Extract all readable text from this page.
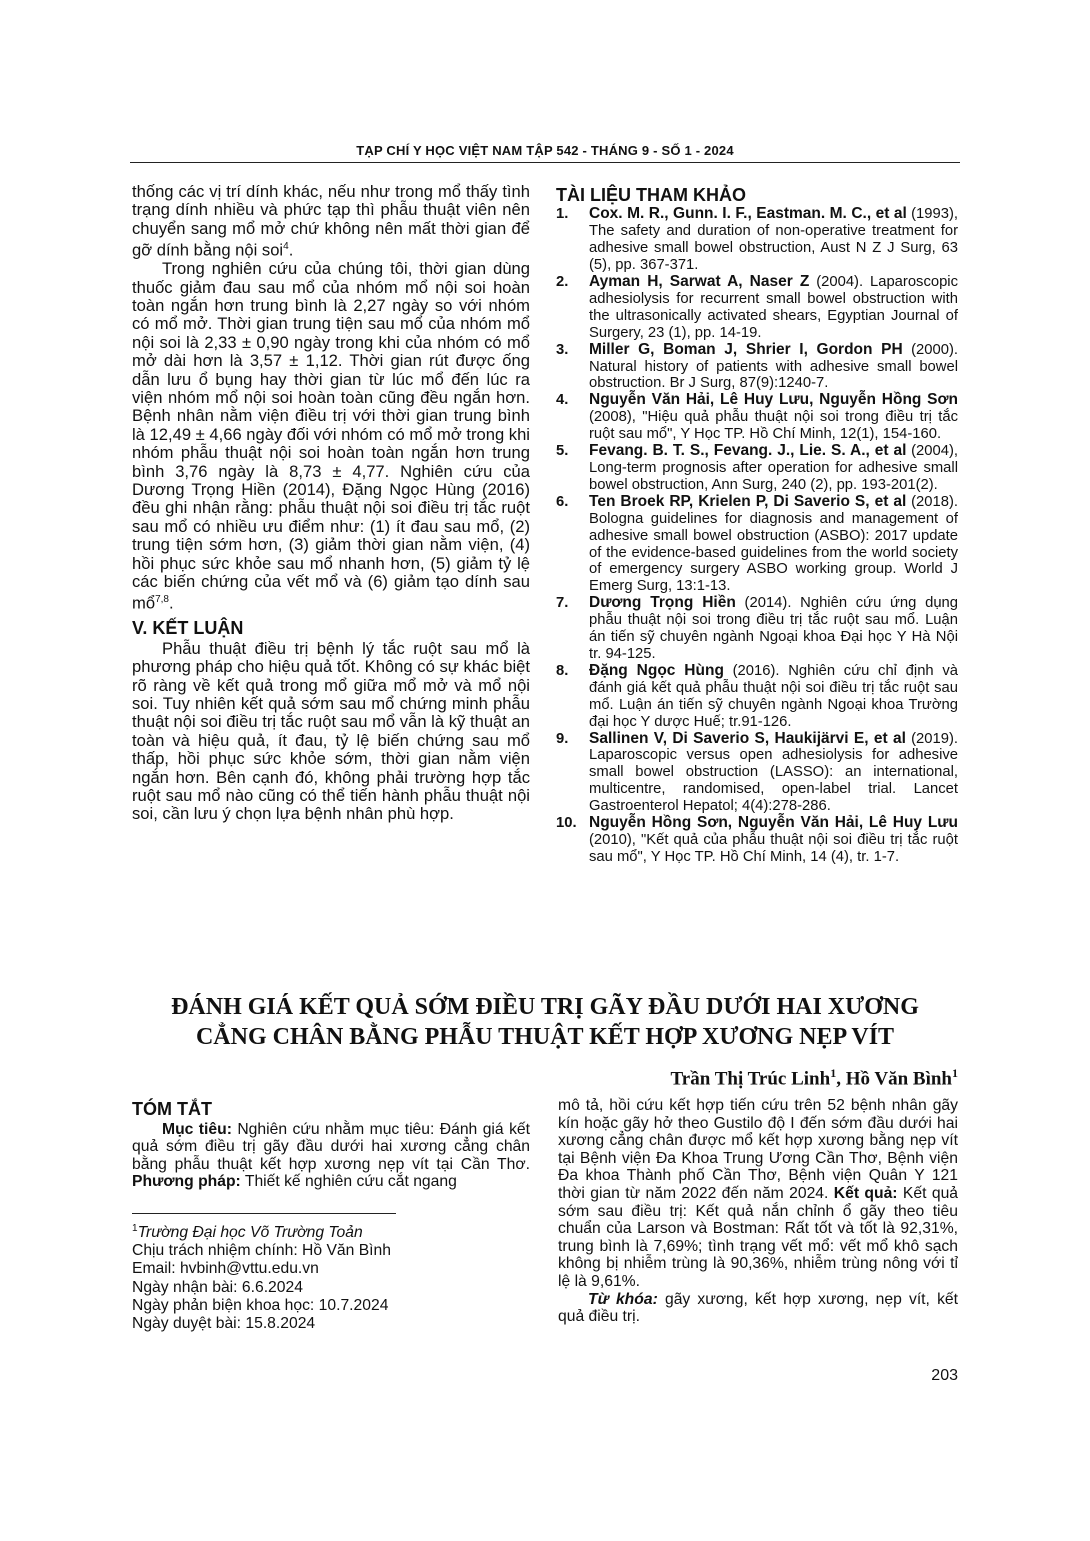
TẠP CHÍ Y HỌC VIỆT NAM TẬP 542 - THÁNG 9 - SỐ 1 - 2024

thống các vị trí dính khác, nếu như trong mổ thấy tình trạng dính nhiều và phức tạp thì phẫu thuật viên nên chuyển sang mổ mở chứ không nên mất thời gian để gỡ dính bằng nội soi$^4$.

Trong nghiên cứu của chúng tôi, thời gian dùng thuốc giảm đau sau mổ của nhóm mổ nội soi hoàn toàn ngắn hơn trung bình là 2,27 ngày so với nhóm có mổ mở. Thời gian trung tiện sau mổ của nhóm mổ nội soi là 2,33 ± 0,90 ngày trong khi của nhóm có mổ mở dài hơn là 3,57 ± 1,12. Thời gian rút được ống dẫn lưu ổ bụng hay thời gian từ lúc mổ đến lúc ra viện nhóm mổ nội soi hoàn toàn cũng đều ngắn hơn. Bệnh nhân nằm viện điều trị với thời gian trung bình là 12,49 ± 4,66 ngày đối với nhóm có mổ mở trong khi nhóm phẫu thuật nội soi hoàn toàn ngắn hơn trung bình 3,76 ngày là 8,73 ± 4,77. Nghiên cứu của Dương Trọng Hiền (2014), Đặng Ngọc Hùng (2016) đều ghi nhận rằng: phẫu thuật nội soi điều trị tắc ruột sau mổ có nhiều ưu điểm như: (1) ít đau sau mổ, (2) trung tiện sớm hơn, (3) giảm thời gian nằm viện, (4) hồi phục sức khỏe sau mổ nhanh hơn, (5) giảm tỷ lệ các biến chứng của vết mổ và (6) giảm tạo dính sau mổ$^{7,8}$.

V. KẾT LUẬN

Phẫu thuật điều trị bệnh lý tắc ruột sau mổ là phương pháp cho hiệu quả tốt. Không có sự khác biệt rõ ràng về kết quả trong mổ giữa mổ mở và mổ nội soi. Tuy nhiên kết quả sớm sau mổ chứng minh phẫu thuật nội soi điều trị tắc ruột sau mổ vẫn là kỹ thuật an toàn và hiệu quả, ít đau, tỷ lệ biến chứng sau mổ thấp, hồi phục sức khỏe sớm, thời gian nằm viện ngắn hơn. Bên cạnh đó, không phải trường hợp tắc ruột sau mổ nào cũng có thể tiến hành phẫu thuật nội soi, cần lưu ý chọn lựa bệnh nhân phù hợp.

TÀI LIỆU THAM KHẢO
1.	Cox. M. R., Gunn. I. F., Eastman. M. C., et al (1993), The safety and duration of non-operative treatment for adhesive small bowel obstruction, Aust N Z J Surg, 63 (5), pp. 367-371.
2.	Ayman H, Sarwat A, Naser Z (2004). Laparoscopic adhesiolysis for recurrent small bowel obstruction with the ultrasonically activated shears, Egyptian Journal of Surgery, 23 (1), pp. 14-19.
3.	Miller G, Boman J, Shrier I, Gordon PH (2000). Natural history of patients with adhesive small bowel obstruction. Br J Surg, 87(9):1240-7.
4.	Nguyễn Văn Hải, Lê Huy Lưu, Nguyễn Hồng Sơn (2008), "Hiệu quả phẫu thuật nội soi trong điều trị tắc ruột sau mổ", Y Học TP. Hồ Chí Minh, 12(1), 154-160.
5.	Fevang. B. T. S., Fevang. J., Lie. S. A., et al (2004), Long-term prognosis after operation for adhesive small bowel obstruction, Ann Surg, 240 (2), pp. 193-201(2).
6.	Ten Broek RP, Krielen P, Di Saverio S, et al (2018). Bologna guidelines for diagnosis and management of adhesive small bowel obstruction (ASBO): 2017 update of the evidence-based guidelines from the world society of emergency surgery ASBO working group. World J Emerg Surg, 13:1-13.
7.	Dương Trọng Hiền (2014). Nghiên cứu ứng dụng phẫu thuật nội soi trong điều trị tắc ruột sau mổ. Luận án tiến sỹ chuyên ngành Ngoại khoa Đại học Y Hà Nội tr. 94-125.
8.	Đặng Ngọc Hùng (2016). Nghiên cứu chỉ định và đánh giá kết quả phẫu thuật nội soi điều trị tắc ruột sau mổ. Luận án tiến sỹ chuyên ngành Ngoại khoa Trường đại học Y dược Huế; tr.91-126.
9.	Sallinen V, Di Saverio S, Haukijärvi E, et al (2019). Laparoscopic versus open adhesiolysis for adhesive small bowel obstruction (LASSO): an international, multicentre, randomised, open-label trial. Lancet Gastroenterol Hepatol; 4(4):278-286.
10. Nguyễn Hồng Sơn, Nguyễn Văn Hải, Lê Huy Lưu (2010), "Kết quả của phẫu thuật nội soi điều trị tắc ruột sau mổ", Y Học TP. Hồ Chí Minh, 14 (4), tr. 1-7.
ĐÁNH GIÁ KẾT QUẢ SỚM ĐIỀU TRỊ GÃY ĐẦU DƯỚI HAI XƯƠNG
CẲNG CHÂN BẰNG PHẪU THUẬT KẾT HỢP XƯƠNG NẸP VÍT
Trần Thị Trúc Linh$^1$, Hồ Văn Bình$^1$
TÓM TẮT

Mục tiêu: Nghiên cứu nhằm mục tiêu: Đánh giá kết quả sớm điều trị gãy đầu dưới hai xương cẳng chân bằng phẫu thuật kết hợp xương nẹp vít tại Cần Thơ. Phương pháp: Thiết kế nghiên cứu cắt ngang

$^1$Trường Đại học Võ Trường Toản
Chịu trách nhiệm chính: Hồ Văn Bình
Email: hvbinh@vttu.edu.vn
Ngày nhận bài: 6.6.2024
Ngày phản biện khoa học: 10.7.2024
Ngày duyệt bài: 15.8.2024

mô tả, hồi cứu kết hợp tiến cứu trên 52 bệnh nhân gãy kín hoặc gãy hở theo Gustilo độ I đến sớm đầu dưới hai xương cẳng chân được mổ kết hợp xương bằng nẹp vít tại Bệnh viện Đa Khoa Trung Ương Cần Thơ, Bệnh viện Đa khoa Thành phố Cần Thơ, Bệnh viện Quân Y 121 thời gian từ năm 2022 đến năm 2024. Kết quả: Kết quả sớm sau điều trị: Kết quả nắn chỉnh ổ gãy theo tiêu chuẩn của Larson và Bostman: Rất tốt và tốt là 92,31%, trung bình là 7,69%; tình trạng vết mổ: vết mổ khô sạch không bị nhiễm trùng là 90,36%, nhiễm trùng nông với tỉ lệ là 9,61%.

Từ khóa: gãy xương, kết hợp xương, nẹp vít, kết quả điều trị.

203
